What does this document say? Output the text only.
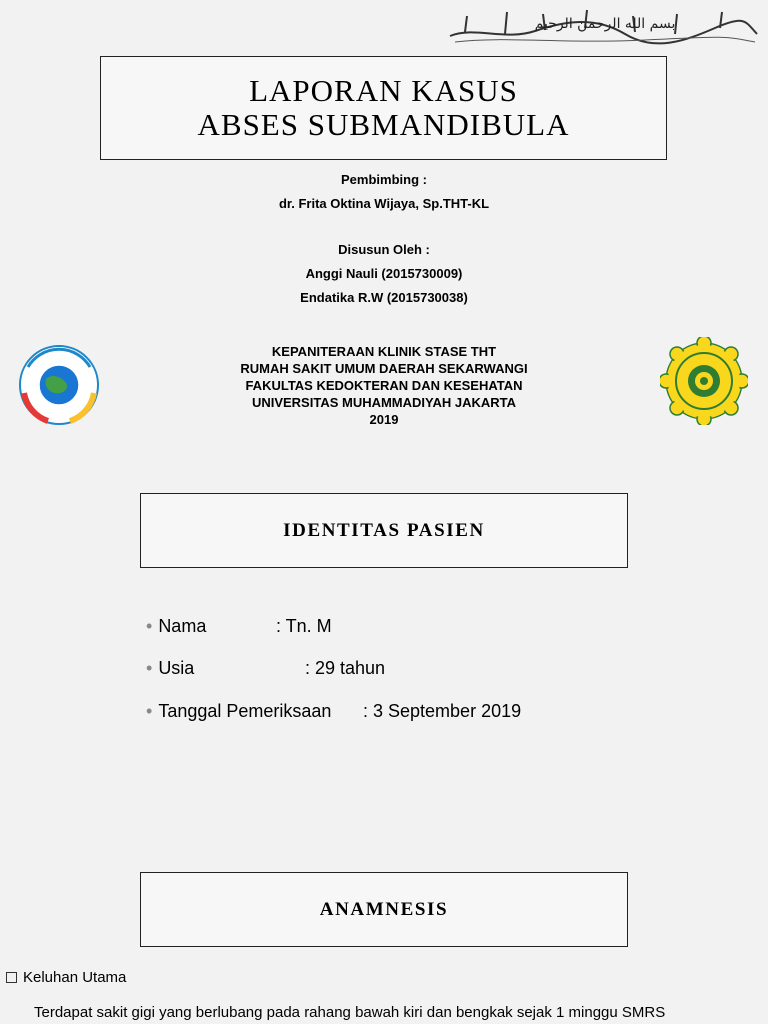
بسم الله الرحمن الرحيم
LAPORAN KASUS
ABSES SUBMANDIBULA
Pembimbing :
dr. Frita Oktina Wijaya, Sp.THT-KL
Disusun Oleh :
Anggi Nauli (2015730009)
Endatika R.W (2015730038)
KEPANITERAAN KLINIK STASE THT
RUMAH SAKIT UMUM DAERAH SEKARWANGI
FAKULTAS KEDOKTERAN DAN KESEHATAN
UNIVERSITAS MUHAMMADIYAH JAKARTA
2019
IDENTITAS PASIEN
• Nama	: Tn. M
• Usia	: 29 tahun
• Tanggal Pemeriksaan : 3 September 2019
ANAMNESIS
Keluhan Utama
Terdapat sakit gigi yang berlubang pada rahang bawah kiri dan bengkak sejak 1 minggu SMRS
